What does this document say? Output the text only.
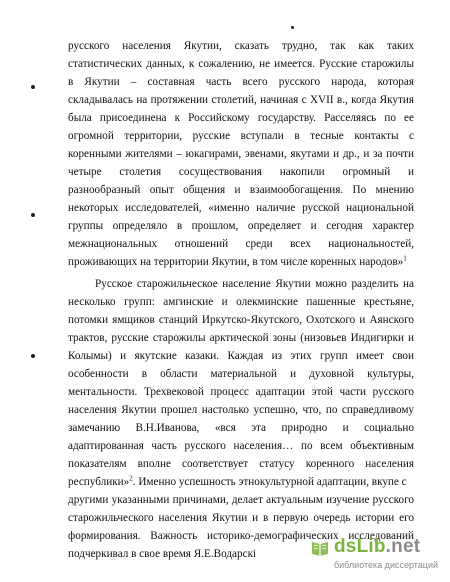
русского населения Якутии, сказать трудно, так как таких
статистических данных, к сожалению, не имеется. Русские старожилы
в Якутии – составная часть всего русского народа, которая
складывалась на протяжении столетий, начиная с XVII в., когда Якутия
была присоединена к Российскому государству. Расселяясь по ее
огромной территории, русские вступали в тесные контакты с
коренными жителями – юкагирами, эвенами, якутами и др., и за почти
четыре столетия сосуществования накопили огромный и
разнообразный опыт общения и взаимообогащения. По мнению
некоторых исследователей, «именно наличие русской национальной
группы определяло в прошлом, определяет и сегодня характер
межнациональных отношений среди всех национальностей,
проживающих на территории Якутии, в том числе коренных народов»$^1$
Русское старожильческое население Якутии можно разделить на
несколько групп: амгинские и олекминские пашенные крестьяне,
потомки ямщиков станций Иркутско-Якутского, Охотского и Аянского
трактов, русские старожилы арктической зоны (низовьев Индигирки и
Колымы) и якутские казаки. Каждая из этих групп имеет свои
особенности в области материальной и духовной культуры,
ментальности. Трехвековой процесс адаптации этой части русского
населения Якутии прошел настолько успешно, что, по справедливому
замечанию В.Н.Иванова, «вся эта природно и социально
адаптированная часть русского населения… по всем объективным
показателям вполне соответствует статусу коренного населения
республики»$^2$. Именно успешность этнокультурной адаптации, вкупе с
другими указанными причинами, делает актуальным изучение русского
старожильческого населения Якутии и в первую очередь истории его
формирования. Важность историко-демографических исследований
подчеркивал в свое время Я.Е.Водарскі	dsLib.net
библиотека диссертаций
